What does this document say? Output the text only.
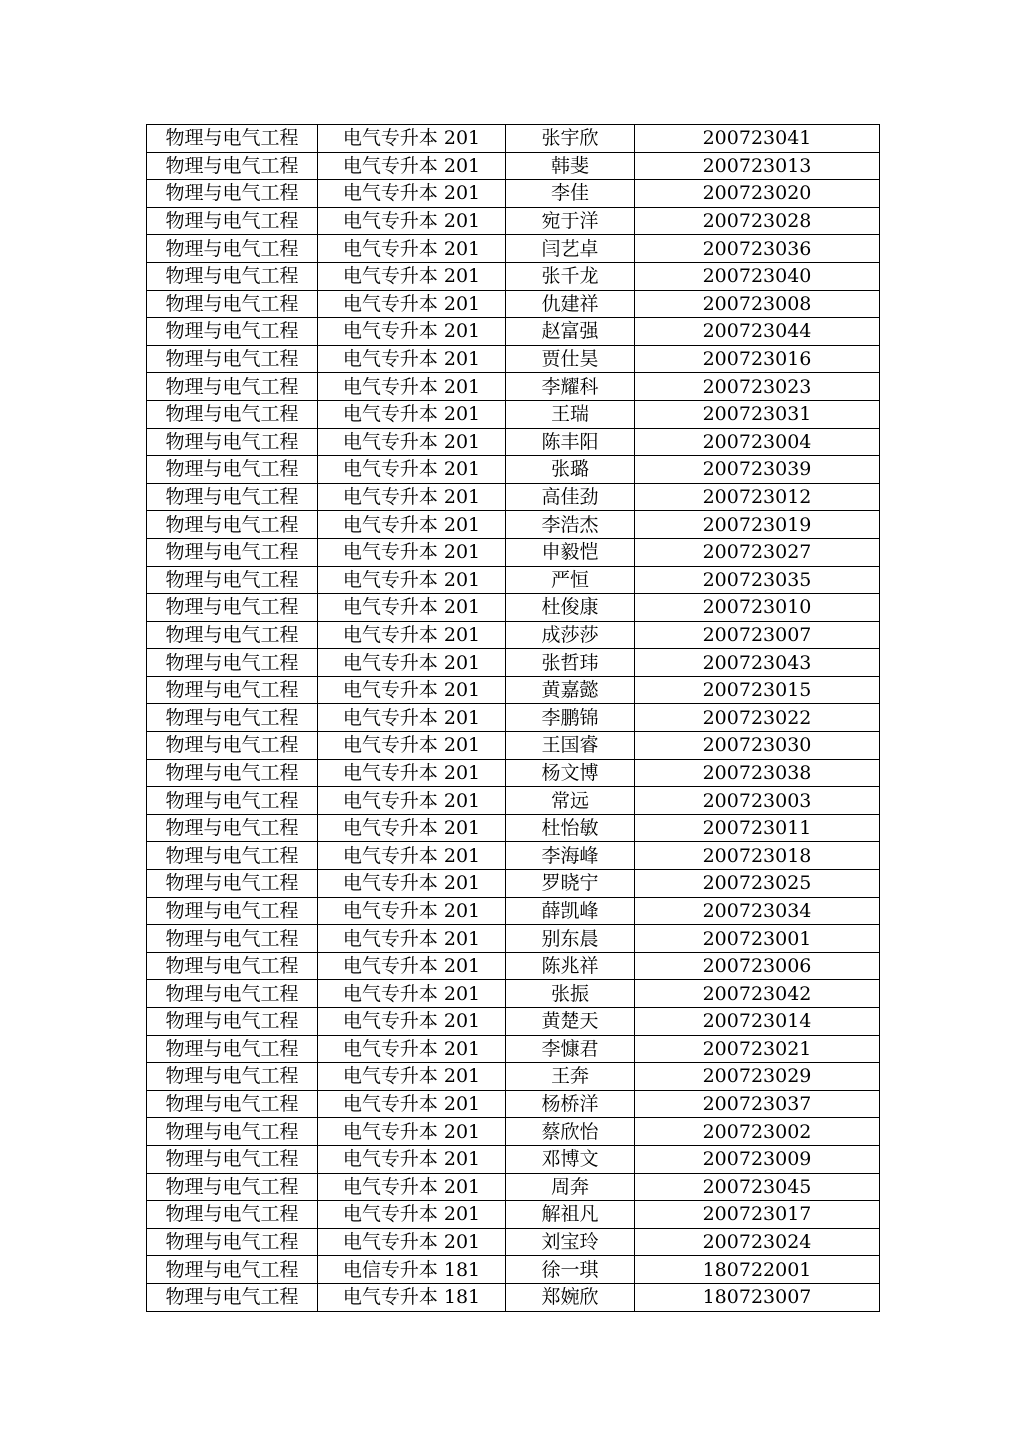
物理与电气工程	电气专升本 201	张宇欣	200723041
物理与电气工程	电气专升本 201	韩斐	200723013
物理与电气工程	电气专升本 201	李佳	200723020
物理与电气工程	电气专升本 201	宛于洋	200723028
物理与电气工程	电气专升本 201	闫艺卓	200723036
物理与电气工程	电气专升本 201	张千龙	200723040
物理与电气工程	电气专升本 201	仇建祥	200723008
物理与电气工程	电气专升本 201	赵富强	200723044
物理与电气工程	电气专升本 201	贾仕昊	200723016
物理与电气工程	电气专升本 201	李耀科	200723023
物理与电气工程	电气专升本 201	王瑞	200723031
物理与电气工程	电气专升本 201	陈丰阳	200723004
物理与电气工程	电气专升本 201	张璐	200723039
物理与电气工程	电气专升本 201	高佳劲	200723012
物理与电气工程	电气专升本 201	李浩杰	200723019
物理与电气工程	电气专升本 201	申毅恺	200723027
物理与电气工程	电气专升本 201	严恒	200723035
物理与电气工程	电气专升本 201	杜俊康	200723010
物理与电气工程	电气专升本 201	成莎莎	200723007
物理与电气工程	电气专升本 201	张哲玮	200723043
物理与电气工程	电气专升本 201	黄嘉懿	200723015
物理与电气工程	电气专升本 201	李鹏锦	200723022
物理与电气工程	电气专升本 201	王国睿	200723030
物理与电气工程	电气专升本 201	杨文博	200723038
物理与电气工程	电气专升本 201	常远	200723003
物理与电气工程	电气专升本 201	杜怡敏	200723011
物理与电气工程	电气专升本 201	李海峰	200723018
物理与电气工程	电气专升本 201	罗晓宁	200723025
物理与电气工程	电气专升本 201	薛凯峰	200723034
物理与电气工程	电气专升本 201	别东晨	200723001
物理与电气工程	电气专升本 201	陈兆祥	200723006
物理与电气工程	电气专升本 201	张振	200723042
物理与电气工程	电气专升本 201	黄楚天	200723014
物理与电气工程	电气专升本 201	李慷君	200723021
物理与电气工程	电气专升本 201	王奔	200723029
物理与电气工程	电气专升本 201	杨桥洋	200723037
物理与电气工程	电气专升本 201	蔡欣怡	200723002
物理与电气工程	电气专升本 201	邓博文	200723009
物理与电气工程	电气专升本 201	周奔	200723045
物理与电气工程	电气专升本 201	解祖凡	200723017
物理与电气工程	电气专升本 201	刘宝玲	200723024
物理与电气工程	电信专升本 181	徐一琪	180722001
物理与电气工程	电气专升本 181	郑婉欣	180723007
